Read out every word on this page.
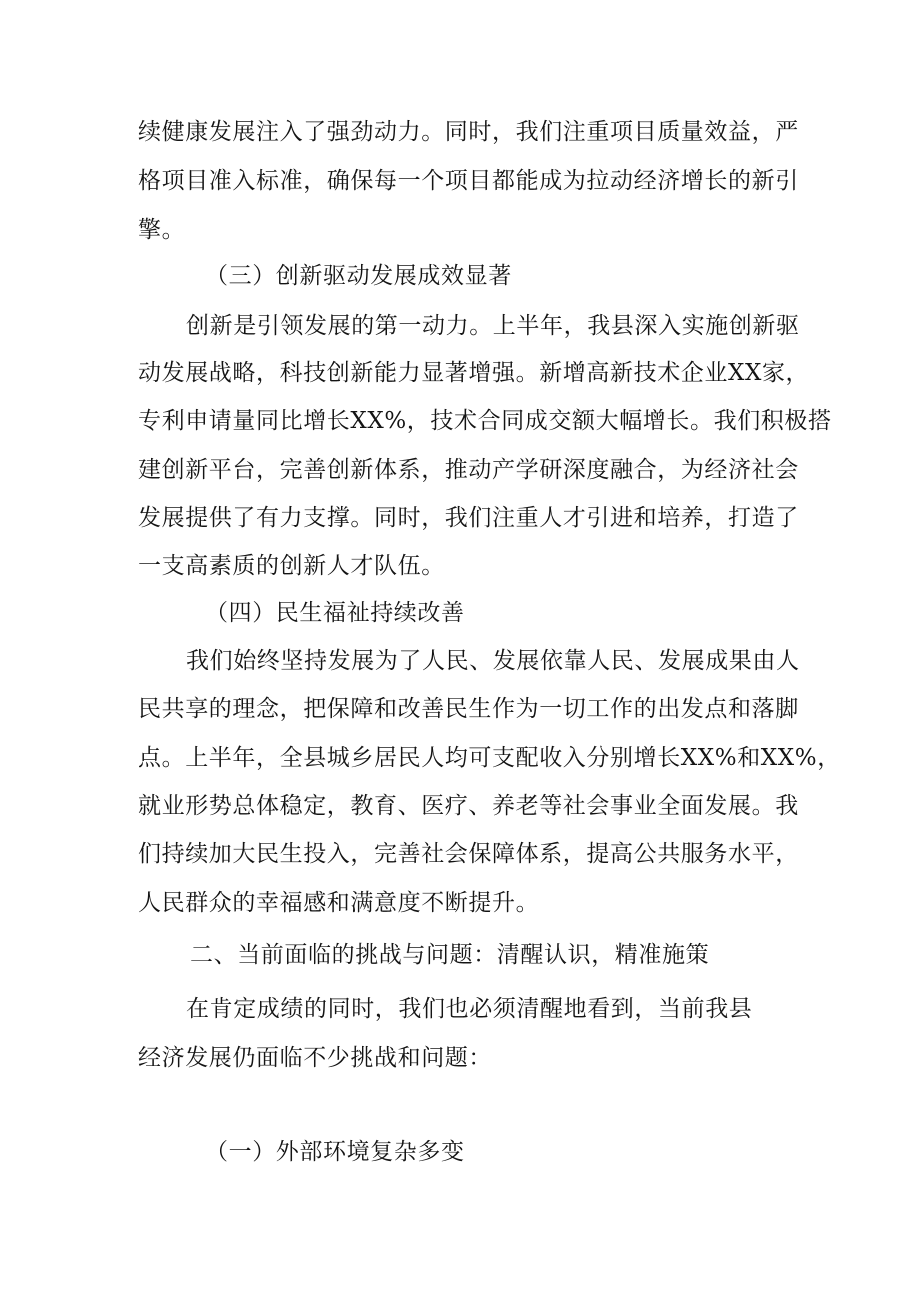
续健康发展注入了强劲动力。同时，我们注重项目质量效益，严
格项目准入标准，确保每一个项目都能成为拉动经济增长的新引
擎。
（三）创新驱动发展成效显著
创新是引领发展的第一动力。上半年，我县深入实施创新驱
动发展战略，科技创新能力显著增强。新增高新技术企业XX家，
专利申请量同比增长XX%，技术合同成交额大幅增长。我们积极搭
建创新平台，完善创新体系，推动产学研深度融合，为经济社会
发展提供了有力支撑。同时，我们注重人才引进和培养，打造了
一支高素质的创新人才队伍。
（四）民生福祉持续改善
我们始终坚持发展为了人民、发展依靠人民、发展成果由人
民共享的理念，把保障和改善民生作为一切工作的出发点和落脚
点。上半年，全县城乡居民人均可支配收入分别增长XX%和XX%，
就业形势总体稳定，教育、医疗、养老等社会事业全面发展。我
们持续加大民生投入，完善社会保障体系，提高公共服务水平，
人民群众的幸福感和满意度不断提升。
二、当前面临的挑战与问题：清醒认识，精准施策
在肯定成绩的同时，我们也必须清醒地看到，当前我县
经济发展仍面临不少挑战和问题：
（一）外部环境复杂多变
